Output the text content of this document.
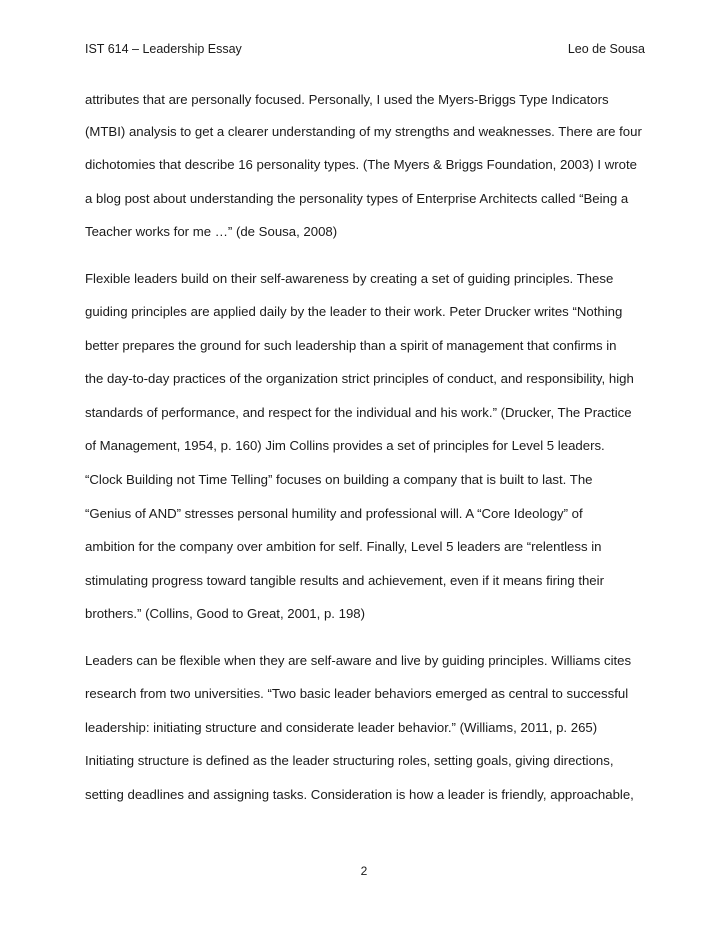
IST 614 – Leadership Essay	Leo de Sousa
attributes that are personally focused. Personally, I used the Myers-Briggs Type Indicators
(MTBI) analysis to get a clearer understanding of my strengths and weaknesses. There are four
dichotomies that describe 16 personality types. (The Myers & Briggs Foundation, 2003) I wrote
a blog post about understanding the personality types of Enterprise Architects called “Being a
Teacher works for me …” (de Sousa, 2008)
Flexible leaders build on their self-awareness by creating a set of guiding principles. These
guiding principles are applied daily by the leader to their work. Peter Drucker writes “Nothing
better prepares the ground for such leadership than a spirit of management that confirms in
the day-to-day practices of the organization strict principles of conduct, and responsibility, high
standards of performance, and respect for the individual and his work.” (Drucker, The Practice
of Management, 1954, p. 160) Jim Collins provides a set of principles for Level 5 leaders.
“Clock Building not Time Telling” focuses on building a company that is built to last. The
“Genius of AND” stresses personal humility and professional will. A “Core Ideology” of
ambition for the company over ambition for self. Finally, Level 5 leaders are “relentless in
stimulating progress toward tangible results and achievement, even if it means firing their
brothers.” (Collins, Good to Great, 2001, p. 198)
Leaders can be flexible when they are self-aware and live by guiding principles. Williams cites
research from two universities. “Two basic leader behaviors emerged as central to successful
leadership: initiating structure and considerate leader behavior.” (Williams, 2011, p. 265)
Initiating structure is defined as the leader structuring roles, setting goals, giving directions,
setting deadlines and assigning tasks. Consideration is how a leader is friendly, approachable,
2
